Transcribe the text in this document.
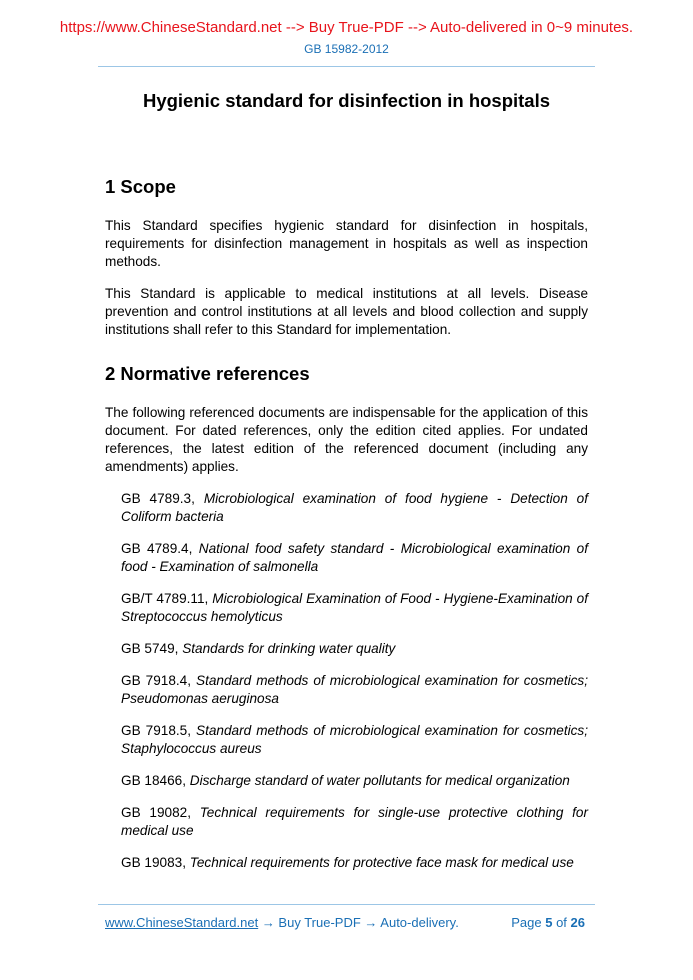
https://www.ChineseStandard.net --> Buy True-PDF --> Auto-delivered in 0~9 minutes.
GB 15982-2012
Hygienic standard for disinfection in hospitals
1 Scope

This Standard specifies hygienic standard for disinfection in hospitals, requirements for disinfection management in hospitals as well as inspection methods.

This Standard is applicable to medical institutions at all levels. Disease prevention and control institutions at all levels and blood collection and supply institutions shall refer to this Standard for implementation.

2 Normative references

The following referenced documents are indispensable for the application of this document. For dated references, only the edition cited applies. For undated references, the latest edition of the referenced document (including any amendments) applies.

GB 4789.3, Microbiological examination of food hygiene - Detection of Coliform bacteria

GB 4789.4, National food safety standard - Microbiological examination of food - Examination of salmonella

GB/T 4789.11, Microbiological Examination of Food - Hygiene-Examination of Streptococcus hemolyticus

GB 5749, Standards for drinking water quality

GB 7918.4, Standard methods of microbiological examination for cosmetics; Pseudomonas aeruginosa

GB 7918.5, Standard methods of microbiological examination for cosmetics; Staphylococcus aureus

GB 18466, Discharge standard of water pollutants for medical organization

GB 19082, Technical requirements for single-use protective clothing for medical use

GB 19083, Technical requirements for protective face mask for medical use

www.ChineseStandard.net → Buy True-PDF → Auto-delivery.	Page 5 of 26
